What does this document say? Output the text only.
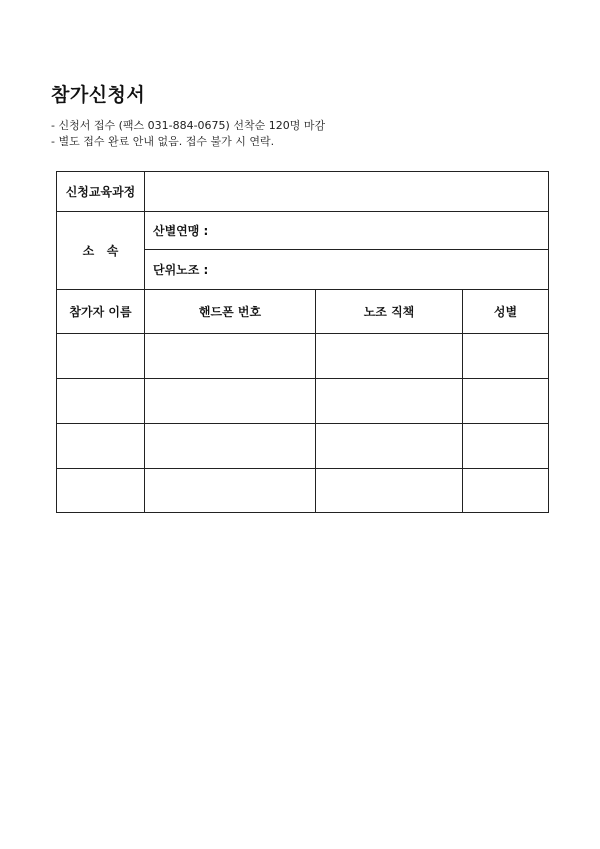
참가신청서
- 신청서 접수 (팩스 031-884-0675) 선착순 120명 마감
- 별도 접수 완료 안내 없음. 접수 불가 시 연락.
신청교육과정			
소   속	산별연맹 :		
	단위노조 :		
참가자 이름	핸드폰 번호	노조 직책	성별
